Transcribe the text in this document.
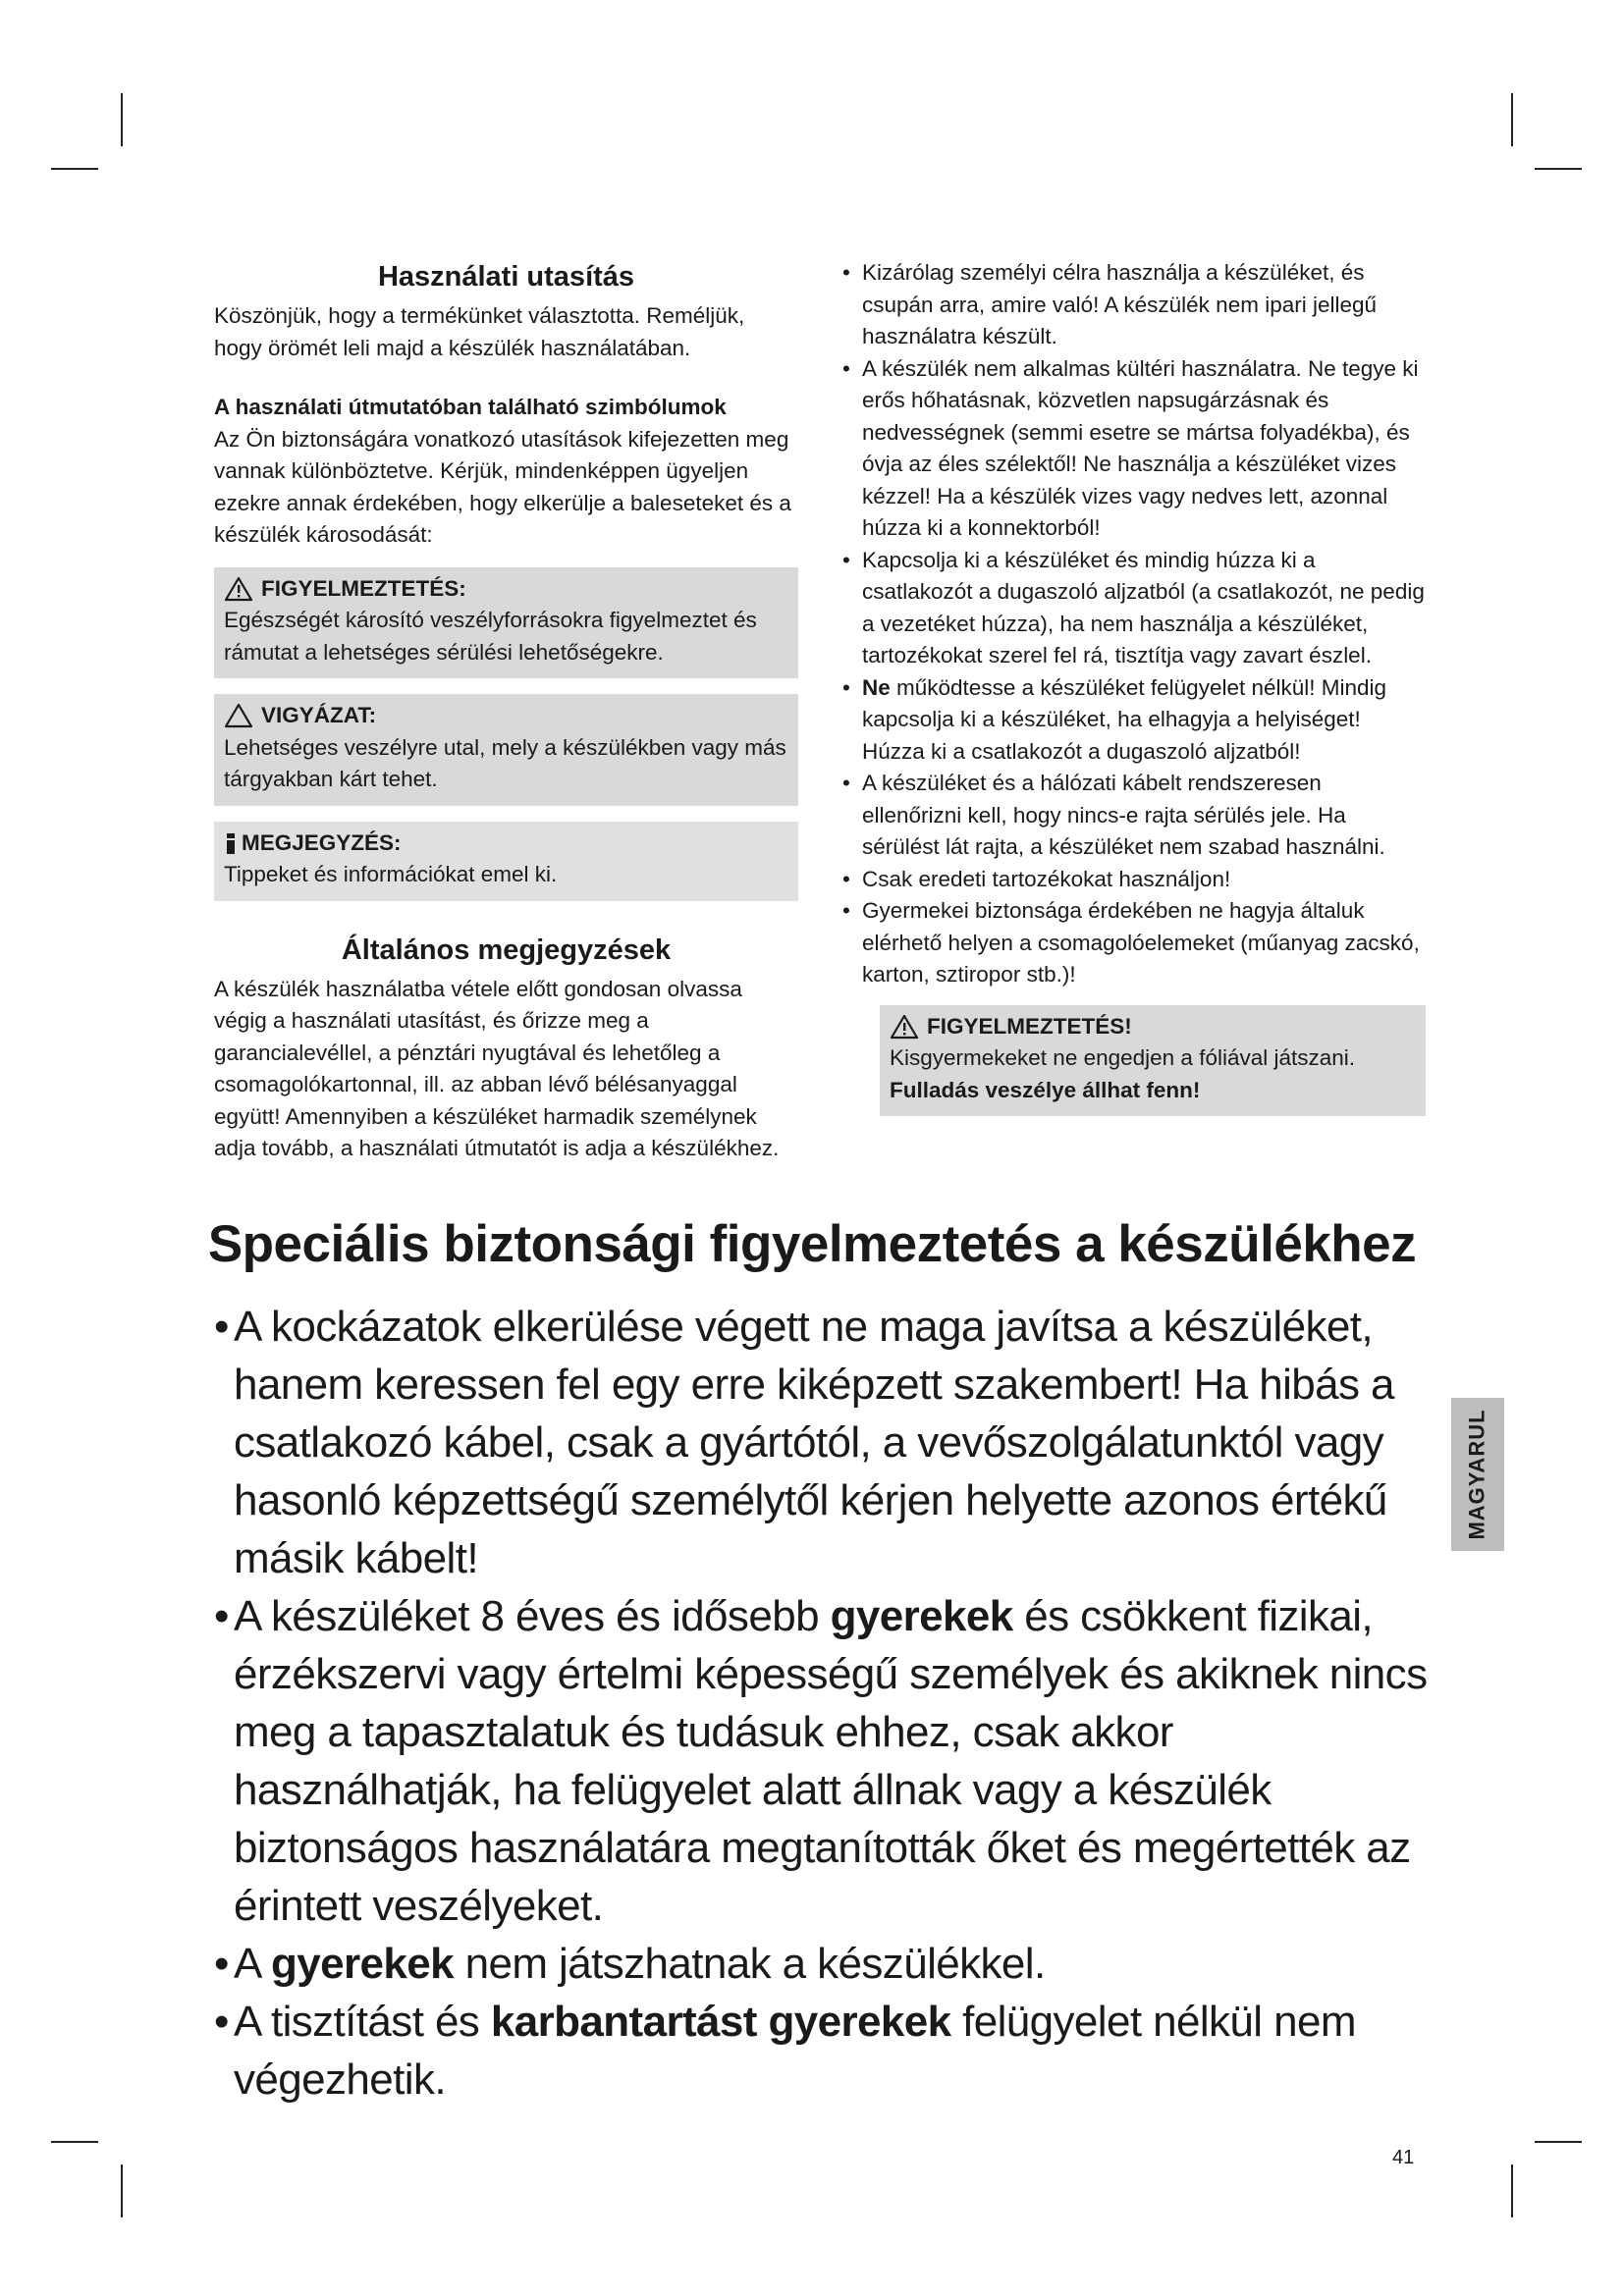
Használati utasítás

Köszönjük, hogy a termékünket választotta. Reméljük, hogy örömét leli majd a készülék használatában.

A használati útmutatóban található szimbólumok

Az Ön biztonságára vonatkozó utasítások kifejezetten meg vannak különböztetve. Kérjük, mindenképpen ügyeljen ezekre annak érdekében, hogy elkerülje a baleseteket és a készülék károsodását:

FIGYELMEZTETÉS:

Egészségét károsító veszélyforrásokra figyelmeztet és rámutat a lehetséges sérülési lehetőségekre.

VIGYÁZAT:

Lehetséges veszélyre utal, mely a készülékben vagy más tárgyakban kárt tehet.

MEGJEGYZÉS:

Tippeket és információkat emel ki.

Általános megjegyzések

A készülék használatba vétele előtt gondosan olvassa végig a használati utasítást, és őrizze meg a garancialevéllel, a pénztári nyugtával és lehetőleg a csomagolókartonnal, ill. az abban lévő bélésanyaggal együtt! Amennyiben a készüléket harmadik személynek adja tovább, a használati útmutatót is adja a készülékhez.

• Kizárólag személyi célra használja a készüléket, és csupán arra, amire való! A készülék nem ipari jellegű használatra készült.
• A készülék nem alkalmas kültéri használatra. Ne tegye ki erős hőhatásnak, közvetlen napsugárzásnak és nedvességnek (semmi esetre se mártsa folyadékba), és óvja az éles szélektől! Ne használja a készüléket vizes kézzel! Ha a készülék vizes vagy nedves lett, azonnal húzza ki a konnektorból!
• Kapcsolja ki a készüléket és mindig húzza ki a csatlakozót a dugaszoló aljzatból (a csatlakozót, ne pedig a vezetéket húzza), ha nem használja a készüléket, tartozékokat szerel fel rá, tisztítja vagy zavart észlel.
• Ne működtesse a készüléket felügyelet nélkül! Mindig kapcsolja ki a készüléket, ha elhagyja a helyiséget! Húzza ki a csatlakozót a dugaszoló aljzatból!
• A készüléket és a hálózati kábelt rendszeresen ellenőrizni kell, hogy nincs-e rajta sérülés jele. Ha sérülést lát rajta, a készüléket nem szabad használni.
• Csak eredeti tartozékokat használjon!
• Gyermekei biztonsága érdekében ne hagyja általuk elérhető helyen a csomagolóelemeket (műanyag zacskó, karton, sztiropor stb.)!
FIGYELMEZTETÉS!

Kisgyermekeket ne engedjen a fóliával játszani. Fulladás veszélye állhat fenn!

Speciális biztonsági figyelmeztetés a készülékhez
• A kockázatok elkerülése végett ne maga javítsa a készüléket, hanem keressen fel egy erre kiképzett szakembert! Ha hibás a csatlakozó kábel, csak a gyártótól, a vevőszolgálatunktól vagy hasonló képzettségű személytől kérjen helyette azonos értékű másik kábelt!
• A készüléket 8 éves és idősebb gyerekek és csökkent fizikai, érzékszervi vagy értelmi képességű személyek és akiknek nincs meg a tapasztalatuk és tudásuk ehhez, csak akkor használhatják, ha felügyelet alatt állnak vagy a készülék biztonságos használatára megtanították őket és megértették az érintett veszélyeket.
• A gyerekek nem játszhatnak a készülékkel.
• A tisztítást és karbantartást gyerekek felügyelet nélkül nem végezhetik.
MAGYARUL
41
